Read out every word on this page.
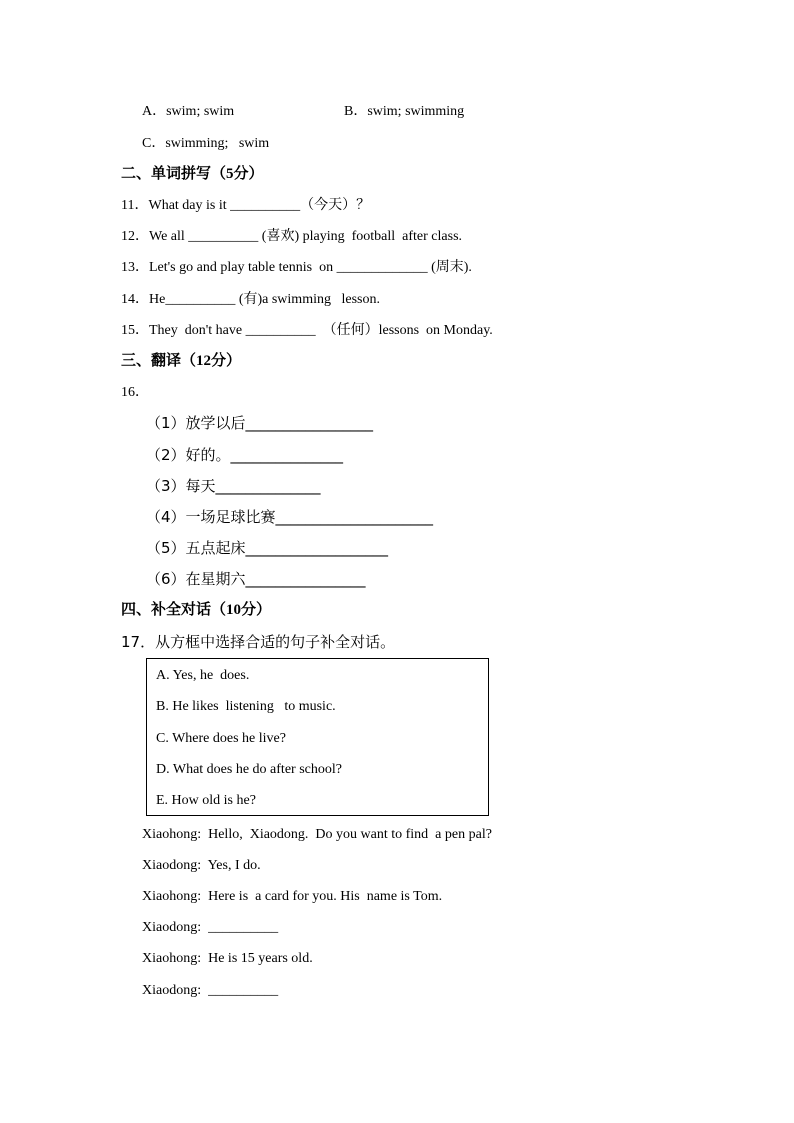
A．swim; swim	B．swim; swimming
C．swimming;   swim
二、单词拼写（5分）
11．What day is it __________（今天）？
12．We all __________ (喜欢) playing  football  after class.
13．Let's go and play table tennis  on _____________ (周末).
14．He__________ (有)a swimming   lesson.
15．They  don't have __________  （任何）lessons  on Monday.
三、翻译（12分）
16．
（1）放学以后_________________
（2）好的。_______________
（3）每天______________
（4）一场足球比赛_____________________
（5）五点起床___________________
（6）在星期六________________
四、补全对话（10分）
17．从方框中选择合适的句子补全对话。
A. Yes, he  does.
B. He likes  listening   to music.
C. Where does he live?
D. What does he do after school?
E. How old is he?
Xiaohong:  Hello,  Xiaodong.  Do you want to find  a pen pal?
Xiaodong:  Yes, I do.
Xiaohong:  Here is  a card for you. His  name is Tom.
Xiaodong:  __________
Xiaohong:  He is 15 years old.
Xiaodong:  __________
